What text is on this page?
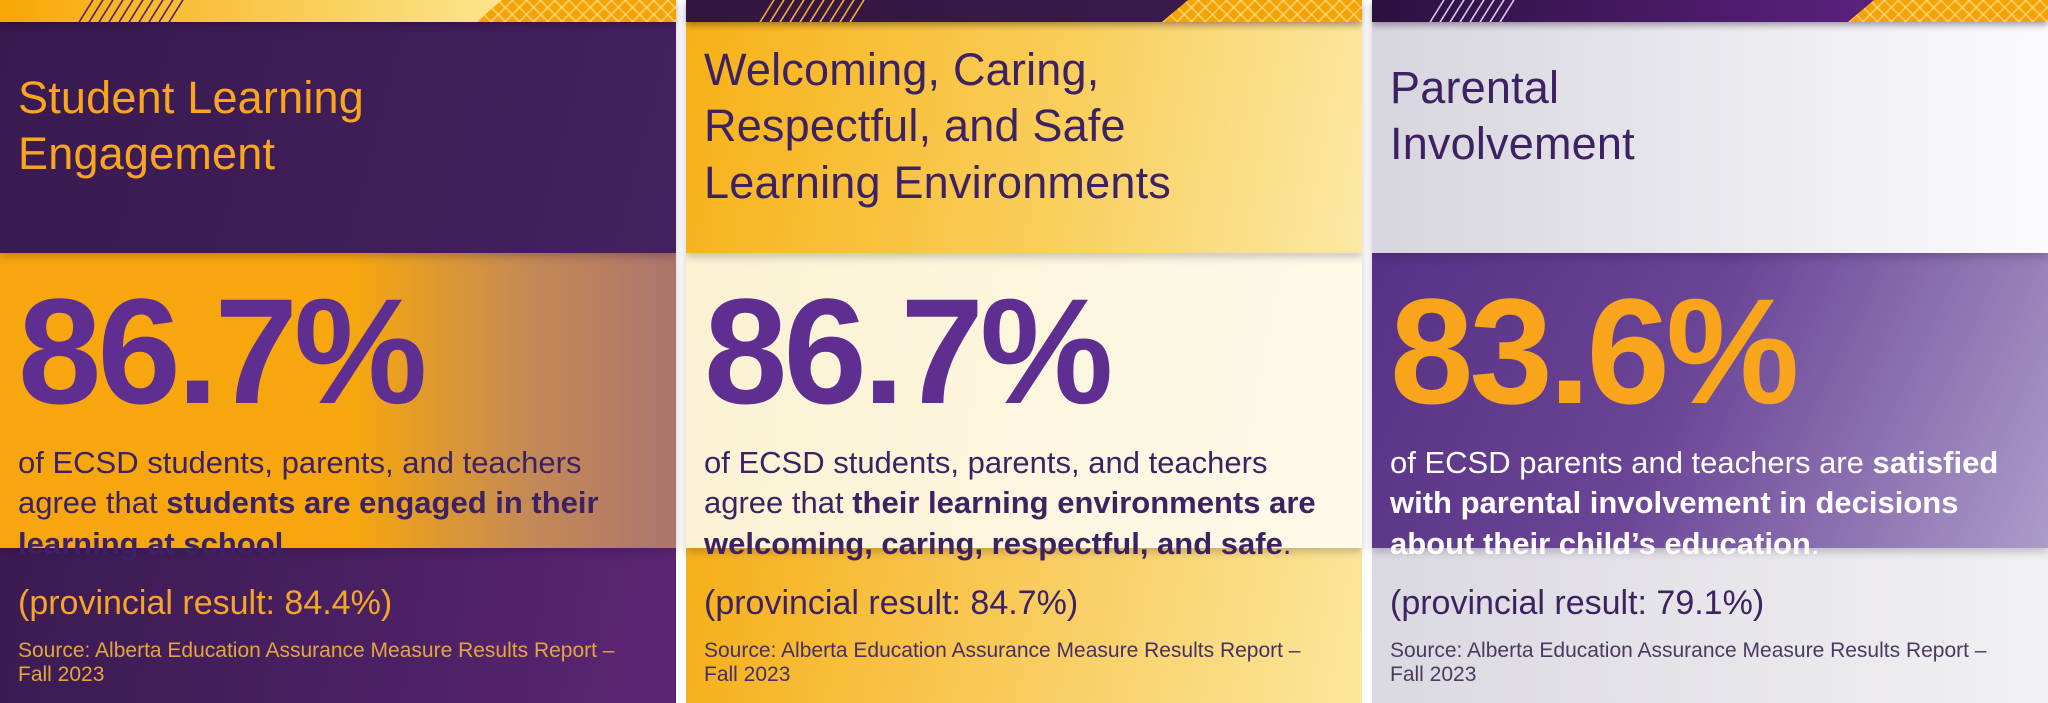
Student Learning Engagement

86.7%

of ECSD students, parents, and teachers agree that students are engaged in their learning at school.

(provincial result: 84.4%)

Source: Alberta Education Assurance Measure Results Report – Fall 2023

Welcoming, Caring, Respectful, and Safe Learning Environments

86.7%

of ECSD students, parents, and teachers agree that their learning environments are welcoming, caring, respectful, and safe.

(provincial result: 84.7%)

Source: Alberta Education Assurance Measure Results Report – Fall 2023

Parental Involvement

83.6%

of ECSD parents and teachers are satisfied with parental involvement in decisions about their child’s education.

(provincial result: 79.1%)

Source: Alberta Education Assurance Measure Results Report – Fall 2023
